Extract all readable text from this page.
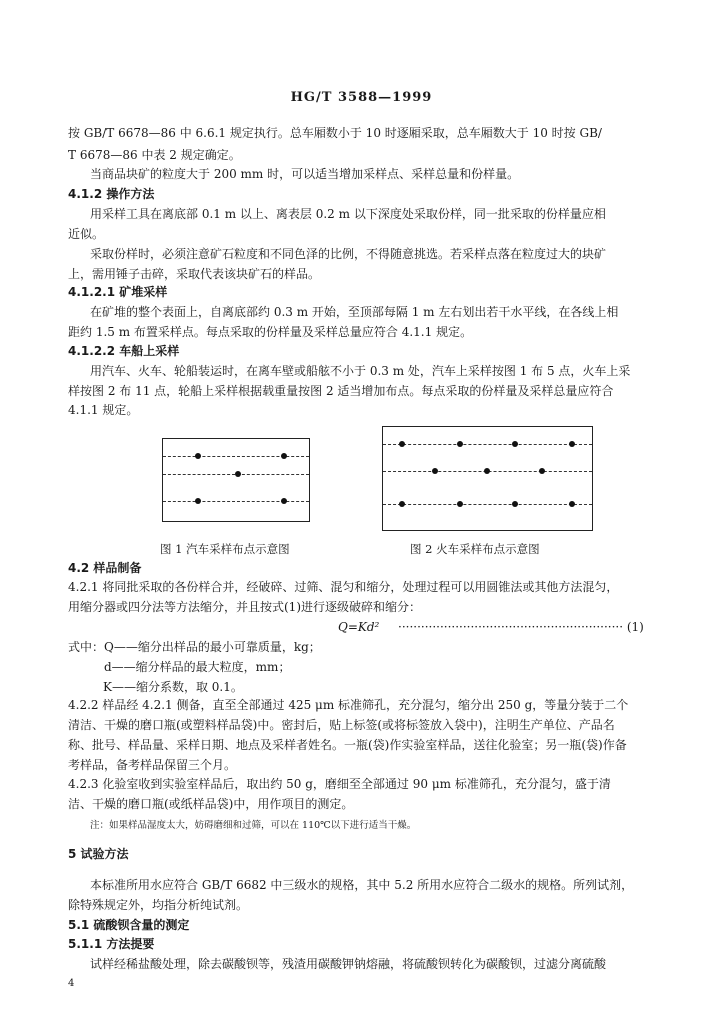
HG/T 3588—1999
按 GB/T 6678—86 中 6.6.1 规定执行。总车厢数小于 10 时逐厢采取，总车厢数大于 10 时按 GB/
T 6678—86 中表 2 规定确定。
当商品块矿的粒度大于 200 mm 时，可以适当增加采样点、采样总量和份样量。
4.1.2 操作方法
用采样工具在离底部 0.1 m 以上、离表层 0.2 m 以下深度处采取份样，同一批采取的份样量应相
近似。
采取份样时，必须注意矿石粒度和不同色泽的比例，不得随意挑选。若采样点落在粒度过大的块矿
上，需用锤子击碎，采取代表该块矿石的样品。
4.1.2.1 矿堆采样
在矿堆的整个表面上，自离底部约 0.3 m 开始，至顶部每隔 1 m 左右划出若干水平线，在各线上相
距约 1.5 m 布置采样点。每点采取的份样量及采样总量应符合 4.1.1 规定。
4.1.2.2 车船上采样
用汽车、火车、轮船装运时，在离车壁或船舷不小于 0.3 m 处，汽车上采样按图 1 布 5 点，火车上采
样按图 2 布 11 点，轮船上采样根据载重量按图 2 适当增加布点。每点采取的份样量及采样总量应符合
4.1.1 规定。
图 1 汽车采样布点示意图	图 2 火车采样布点示意图
4.2 样品制备
4.2.1 将同批采取的各份样合并，经破碎、过筛、混匀和缩分，处理过程可以用圆锥法或其他方法混匀，
用缩分器或四分法等方法缩分，并且按式(1)进行逐级破碎和缩分：
Q=Kd² ··························································· (1)
式中：Q——缩分出样品的最小可靠质量，kg；
d——缩分样品的最大粒度，mm；
K——缩分系数，取 0.1。
4.2.2 样品经 4.2.1 侧备，直至全部通过 425 μm 标准筛孔，充分混匀，缩分出 250 g，等量分装于二个
清洁、干燥的磨口瓶(或塑料样品袋)中。密封后，贴上标签(或将标签放入袋中)，注明生产单位、产品名
称、批号、样品量、采样日期、地点及采样者姓名。一瓶(袋)作实验室样品，送往化验室；另一瓶(袋)作备
考样品，备考样品保留三个月。
4.2.3 化验室收到实验室样品后，取出约 50 g，磨细至全部通过 90 μm 标准筛孔，充分混匀，盛于清
洁、干燥的磨口瓶(或纸样品袋)中，用作项目的测定。
注：如果样品湿度太大，妨碍磨细和过筛，可以在 110℃以下进行适当干燥。
5 试验方法
本标准所用水应符合 GB/T 6682 中三级水的规格，其中 5.2 所用水应符合二级水的规格。所列试剂，
除特殊规定外，均指分析纯试剂。
5.1 硫酸钡含量的测定
5.1.1 方法提要
试样经稀盐酸处理，除去碳酸钡等，残渣用碳酸钾钠熔融，将硫酸钡转化为碳酸钡，过滤分离硫酸
4
